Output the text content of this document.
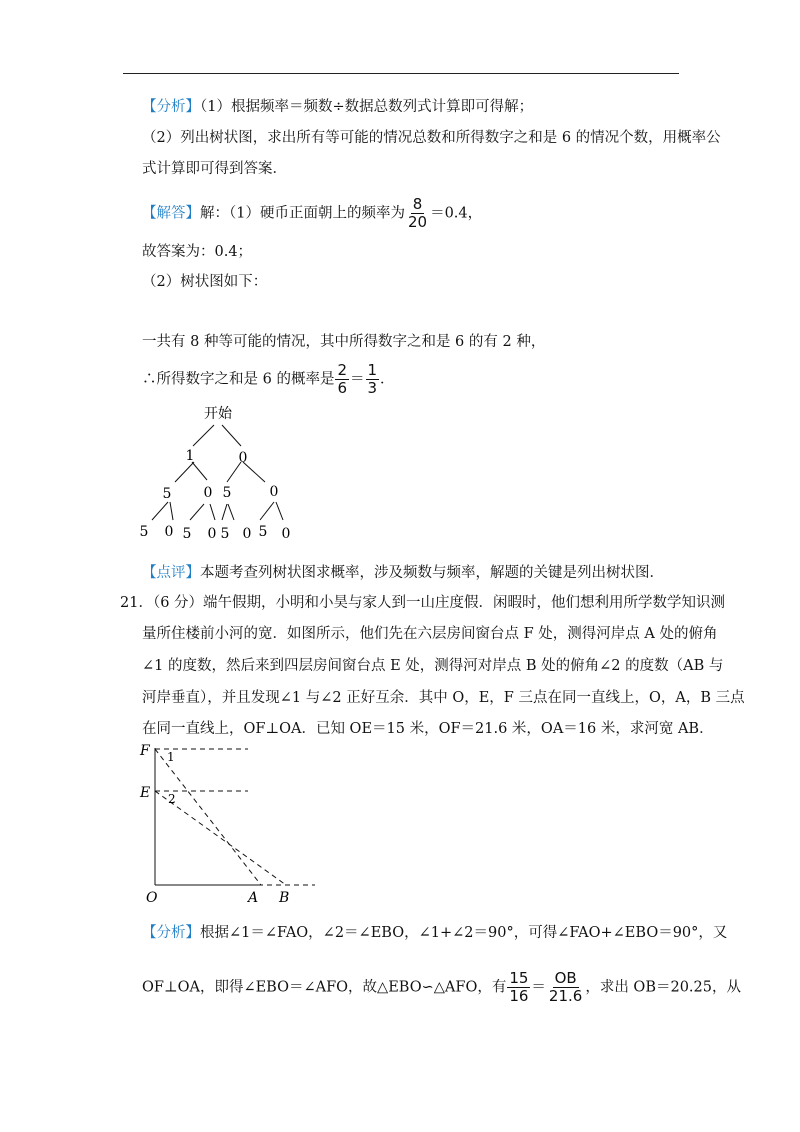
【分析】（1）根据频率＝频数÷数据总数列式计算即可得解；
（2）列出树状图，求出所有等可能的情况总数和所得数字之和是 6 的情况个数，用概率公
式计算即可得到答案．
【解答】解：（1）硬币正面朝上的频率为 $\frac{8}{20} =0.4$，
故答案为：0.4；
（2）树状图如下：
一共有 8 种等可能的情况，其中所得数字之和是 6 的有 2 种，
∴所得数字之和是 6 的概率是 $\frac{2}{6} = \frac{1}{3}$ ．
开始
1	0
5 0 5	0
5 0 5 0 5 0 5 0
【点评】本题考查列树状图求概率，涉及频数与频率，解题的关键是列出树状图．
21．（6 分）端午假期，小明和小昊与家人到一山庄度假．闲暇时，他们想利用所学数学知识测
量所住楼前小河的宽．如图所示，他们先在六层房间窗台点 F 处，测得河岸点 A 处的俯角
∠1 的度数，然后来到四层房间窗台点 E 处，测得河对岸点 B 处的俯角∠2 的度数（AB 与
河岸垂直），并且发现∠1 与∠2 正好互余．其中 O，E，F 三点在同一直线上，O，A，B 三点
在同一直线上，OF⊥OA．已知 OE＝15 米，OF＝21.6 米，OA＝16 米，求河宽 AB．
F
E
O	A B
1
2
【分析】根据∠1＝∠FAO，∠2＝∠EBO，∠1+∠2＝90°，可得∠FAO+∠EBO＝90°，又
OF⊥OA，即得∠EBO＝∠AFO，故△EBO∽△AFO，有 $\frac{15}{16} = \frac{OB}{21.6}$ ，求出 OB＝20.25，从
